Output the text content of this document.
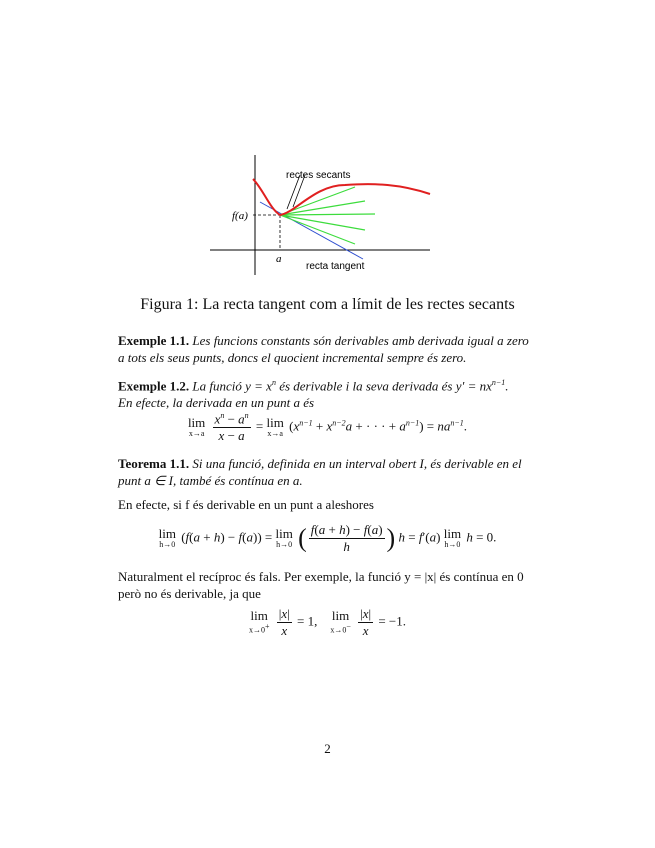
rectes secants
f(a)
a
recta tangent
Figura 1: La recta tangent com a límit de les rectes secants
Exemple 1.1. Les funcions constants són derivables amb derivada igual a zero a tots els seus punts, doncs el quocient incremental sempre és zero.
Exemple 1.2. La funció $y = x^n$ és derivable i la seva derivada és $y' = nx^{n-1}$.
En efecte, la derivada en un punt a és
lim
x→a
$\frac{x^n - a^n}{x - a} = \lim$
x→a ($x^{n-1} + x^{n-2}a$ + · · · + $a^{n-1}) = na^{n-1}$.
Teorema 1.1. Si una funció, definida en un interval obert I, és derivable en el punt a ∈ I, també és contínua en a.
En efecte, si f és derivable en un punt a aleshores
lim
h→0 (f(a + h) − f(a)) = lim
h→0 ( $\frac{f(a + h) - f(a)}{h}$ ) h = f′(a) lim
h→0 h = 0.
Naturalment el recíproc és fals. Per exemple, la funció y = |x| és contínua en 0 però no és derivable, ja que
lim
x→0+
$\frac{|x|}{x} = 1$,    lim
x→0−
$\frac{|x|}{x} = -1$.
2
